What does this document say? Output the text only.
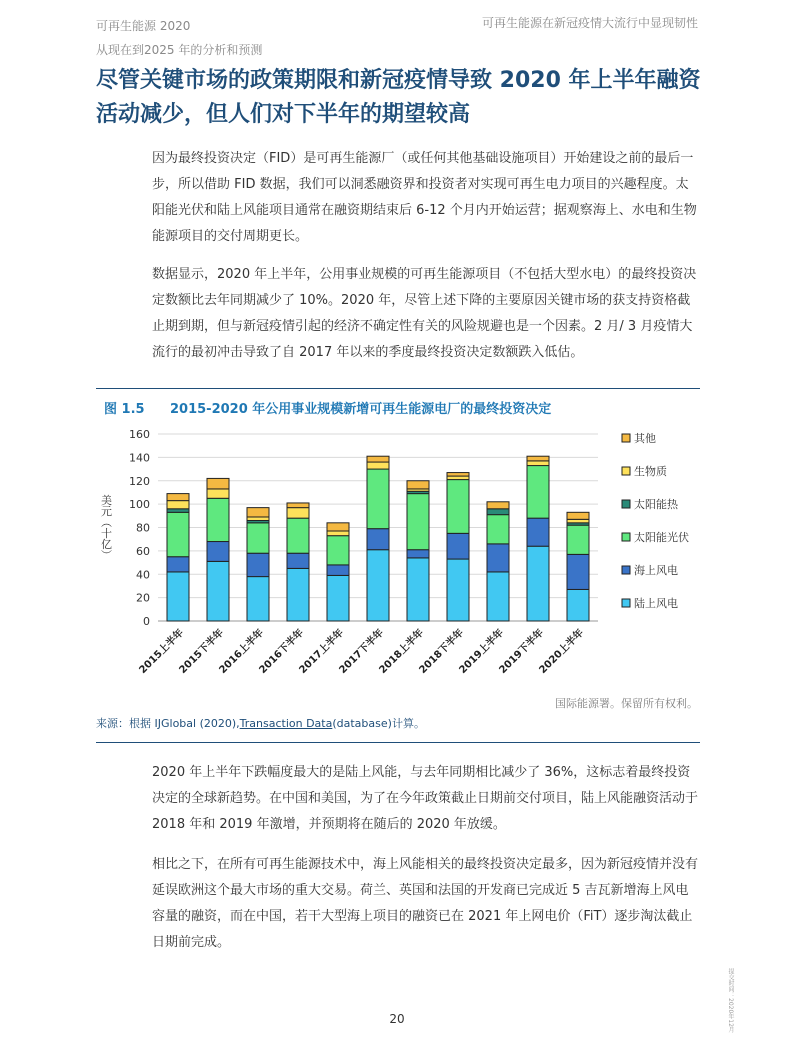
可再生能源 2020
从现在到2025 年的分析和预测
可再生能源在新冠疫情大流行中显现韧性
尽管关键市场的政策期限和新冠疫情导致 2020 年上半年融资活动减少，但人们对下半年的期望较高

因为最终投资决定（FID）是可再生能源厂（或任何其他基础设施项目）开始建设之前的最后一步，所以借助 FID 数据，我们可以洞悉融资界和投资者对实现可再生电力项目的兴趣程度。太阳能光伏和陆上风能项目通常在融资期结束后 6-12 个月内开始运营；据观察海上、水电和生物能源项目的交付周期更长。

数据显示，2020 年上半年，公用事业规模的可再生能源项目（不包括大型水电）的最终投资决定数额比去年同期减少了 10%。2020 年，尽管上述下降的主要原因关键市场的获支持资格截止期到期，但与新冠疫情引起的经济不确定性有关的风险规避也是一个因素。2 月/ 3 月疫情大流行的最初冲击导致了自 2017 年以来的季度最终投资决定数额跌入低估。

图 1.5 2015-2020 年公用事业规模新增可再生能源电厂的最终投资决定
0
20
40
60
80
100
120
140
160
美元（十亿）
2015上半年
2015下半年
2016上半年
2016下半年
2017上半年
2017下半年
2018上半年
2018下半年
2019上半年
2019下半年
2020上半年
其他
生物质
太阳能热
太阳能光伏
海上风电
陆上风电
国际能源署。保留所有权利。
来源：根据 IJGlobal (2020),Transaction Data(database)计算。

2020 年上半年下跌幅度最大的是陆上风能，与去年同期相比减少了 36%，这标志着最终投资决定的全球新趋势。在中国和美国，为了在今年政策截止日期前交付项目，陆上风能融资活动于 2018 年和 2019 年激增，并预期将在随后的 2020 年放缓。

相比之下，在所有可再生能源技术中，海上风能相关的最终投资决定最多，因为新冠疫情并没有延误欧洲这个最大市场的重大交易。荷兰、英国和法国的开发商已完成近 5 吉瓦新增海上风电容量的融资，而在中国，若干大型海上项目的融资已在 2021 年上网电价（FiT）逐步淘汰截止日期前完成。

20	提交时间：2020年12月
